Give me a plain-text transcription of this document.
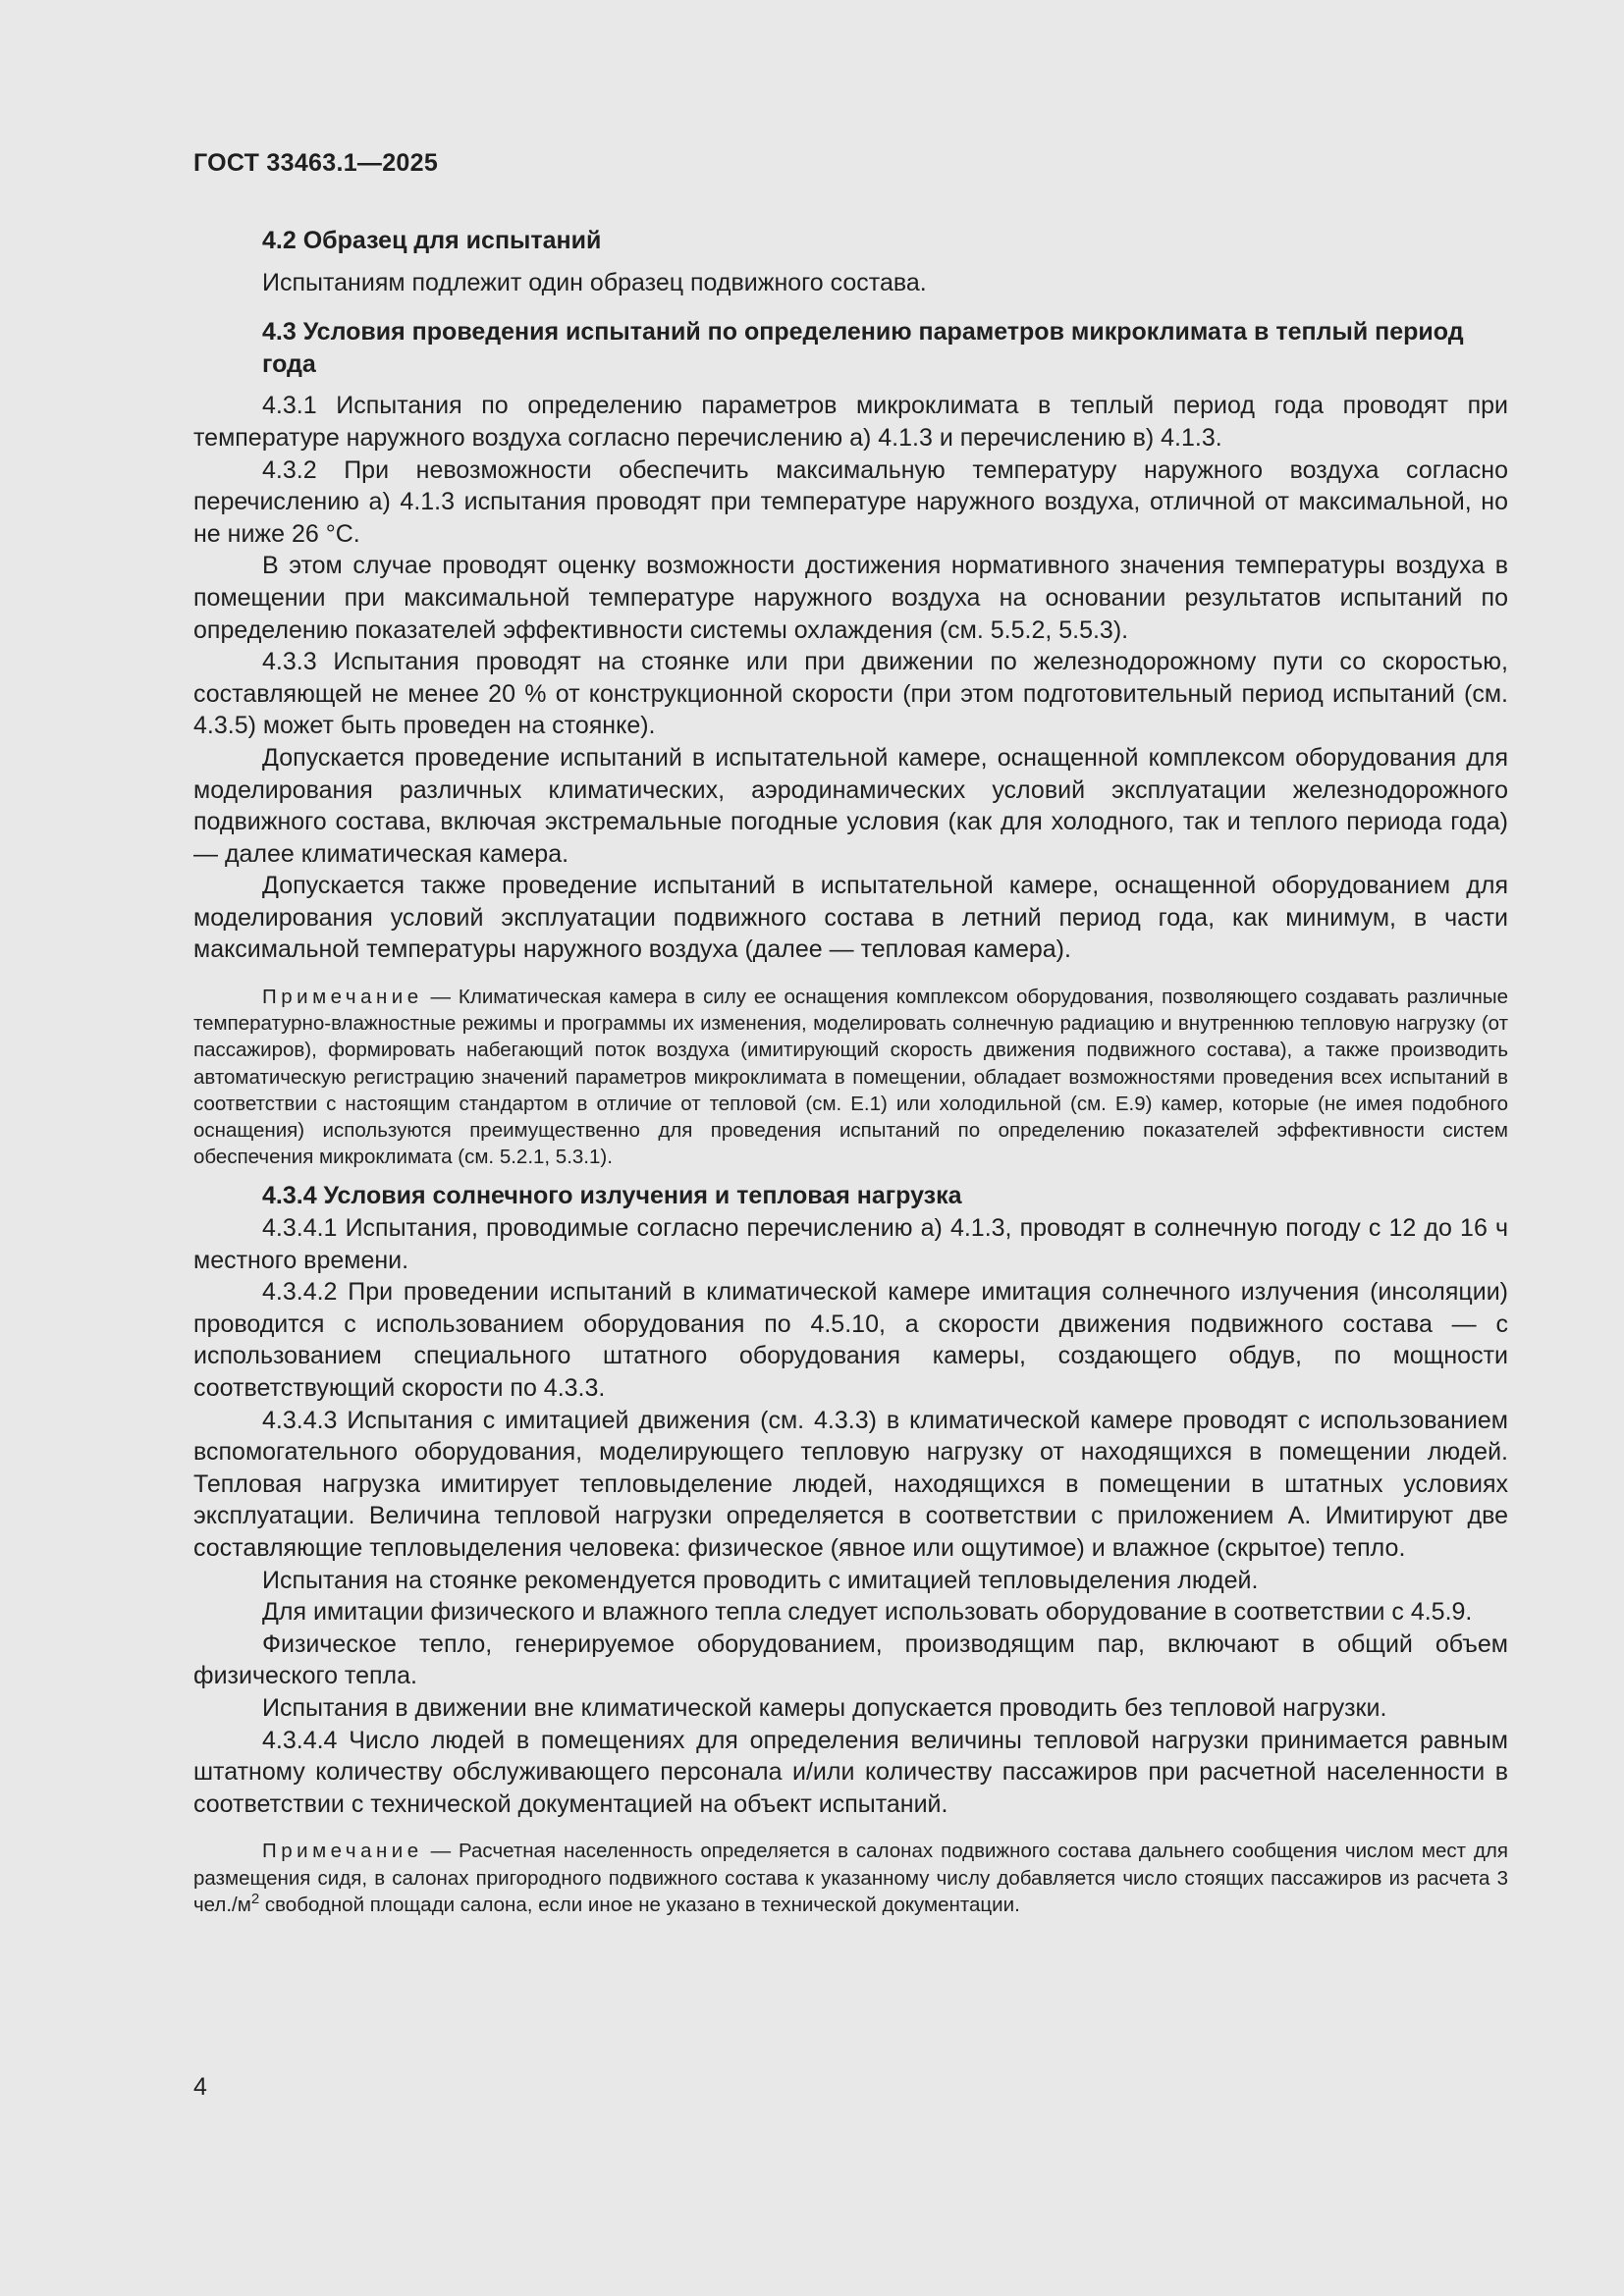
ГОСТ 33463.1—2025
4.2 Образец для испытаний

Испытаниям подлежит один образец подвижного состава.

4.3 Условия проведения испытаний по определению параметров микроклимата в теплый период года

4.3.1 Испытания по определению параметров микроклимата в теплый период года проводят при температуре наружного воздуха согласно перечислению а) 4.1.3 и перечислению в) 4.1.3.

4.3.2 При невозможности обеспечить максимальную температуру наружного воздуха согласно перечислению а) 4.1.3 испытания проводят при температуре наружного воздуха, отличной от максимальной, но не ниже 26 °С.

В этом случае проводят оценку возможности достижения нормативного значения температуры воздуха в помещении при максимальной температуре наружного воздуха на основании результатов испытаний по определению показателей эффективности системы охлаждения (см. 5.5.2, 5.5.3).

4.3.3 Испытания проводят на стоянке или при движении по железнодорожному пути со скоростью, составляющей не менее 20 % от конструкционной скорости (при этом подготовительный период испытаний (см. 4.3.5) может быть проведен на стоянке).

Допускается проведение испытаний в испытательной камере, оснащенной комплексом оборудования для моделирования различных климатических, аэродинамических условий эксплуатации железнодорожного подвижного состава, включая экстремальные погодные условия (как для холодного, так и теплого периода года) — далее климатическая камера.

Допускается также проведение испытаний в испытательной камере, оснащенной оборудованием для моделирования условий эксплуатации подвижного состава в летний период года, как минимум, в части максимальной температуры наружного воздуха (далее — тепловая камера).

Примечание — Климатическая камера в силу ее оснащения комплексом оборудования, позволяющего создавать различные температурно-влажностные режимы и программы их изменения, моделировать солнечную радиацию и внутреннюю тепловую нагрузку (от пассажиров), формировать набегающий поток воздуха (имитирующий скорость движения подвижного состава), а также производить автоматическую регистрацию значений параметров микроклимата в помещении, обладает возможностями проведения всех испытаний в соответствии с настоящим стандартом в отличие от тепловой (см. Е.1) или холодильной (см. Е.9) камер, которые (не имея подобного оснащения) используются преимущественно для проведения испытаний по определению показателей эффективности систем обеспечения микроклимата (см. 5.2.1, 5.3.1).

4.3.4 Условия солнечного излучения и тепловая нагрузка

4.3.4.1 Испытания, проводимые согласно перечислению а) 4.1.3, проводят в солнечную погоду с 12 до 16 ч местного времени.

4.3.4.2 При проведении испытаний в климатической камере имитация солнечного излучения (инсоляции) проводится с использованием оборудования по 4.5.10, а скорости движения подвижного состава — с использованием специального штатного оборудования камеры, создающего обдув, по мощности соответствующий скорости по 4.3.3.

4.3.4.3 Испытания с имитацией движения (см. 4.3.3) в климатической камере проводят с использованием вспомогательного оборудования, моделирующего тепловую нагрузку от находящихся в помещении людей. Тепловая нагрузка имитирует тепловыделение людей, находящихся в помещении в штатных условиях эксплуатации. Величина тепловой нагрузки определяется в соответствии с приложением А. Имитируют две составляющие тепловыделения человека: физическое (явное или ощутимое) и влажное (скрытое) тепло.

Испытания на стоянке рекомендуется проводить с имитацией тепловыделения людей.

Для имитации физического и влажного тепла следует использовать оборудование в соответствии с 4.5.9.

Физическое тепло, генерируемое оборудованием, производящим пар, включают в общий объем физического тепла.

Испытания в движении вне климатической камеры допускается проводить без тепловой нагрузки.

4.3.4.4 Число людей в помещениях для определения величины тепловой нагрузки принимается равным штатному количеству обслуживающего персонала и/или количеству пассажиров при расчетной населенности в соответствии с технической документацией на объект испытаний.

Примечание — Расчетная населенность определяется в салонах подвижного состава дальнего сообщения числом мест для размещения сидя, в салонах пригородного подвижного состава к указанному числу добавляется число стоящих пассажиров из расчета 3 $чел./м^2$ свободной площади салона, если иное не указано в технической документации.

4
